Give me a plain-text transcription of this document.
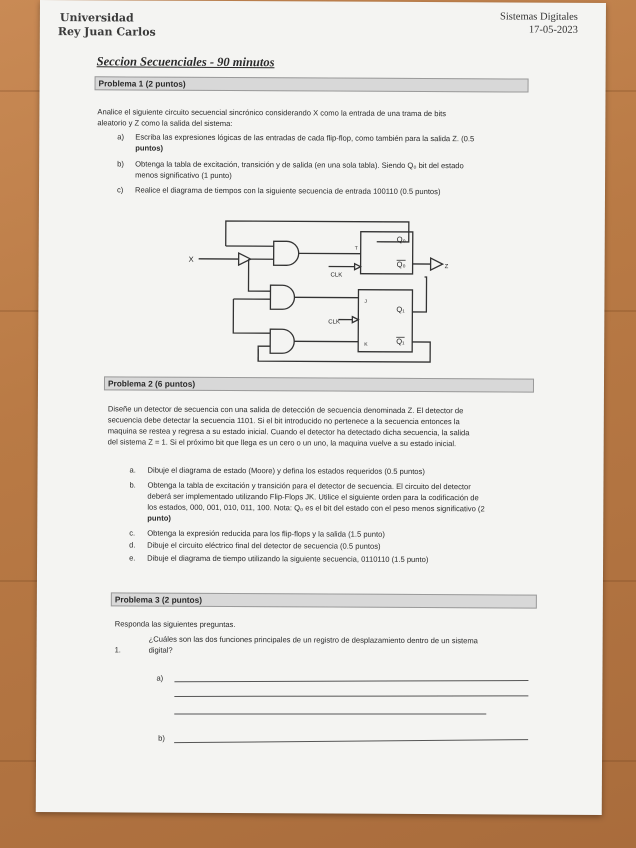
Universidad
Rey Juan Carlos
Sistemas Digitales
17-05-2023
Seccion Secuenciales - 90 minutos
Problema 1 (2 puntos)
Analice el siguiente circuito secuencial sincrónico considerando X como la entrada de una trama de bits
aleatorio y Z como la salida del sistema:
a) Escriba las expresiones lógicas de las entradas de cada flip-flop, como también para la salida Z. (0.5
puntos)
b) Obtenga la tabla de excitación, transición y de salida (en una sola tabla). Siendo Q₀ bit del estado
menos significativo (1 punto)
c) Realice el diagrama de tiempos con la siguiente secuencia de entrada 100110 (0.5 puntos)
X
CLK
CLK
T
Q₀
Q₀
J
K
Q₁
Q₁
Z
Problema 2 (6 puntos)
Diseñe un detector de secuencia con una salida de detección de secuencia denominada Z. El detector de
secuencia debe detectar la secuencia 1101. Si el bit introducido no pertenece a la secuencia entonces la
maquina se restea y regresa a su estado inicial. Cuando el detector ha detectado dicha secuencia, la salida
del sistema Z = 1. Si el próximo bit que llega es un cero o un uno, la maquina vuelve a su estado inicial.
a. Dibuje el diagrama de estado (Moore) y defina los estados requeridos (0.5 puntos)
b. Obtenga la tabla de excitación y transición para el detector de secuencia. El circuito del detector
deberá ser implementado utilizando Flip-Flops JK. Utilice el siguiente orden para la codificación de
los estados, 000, 001, 010, 011, 100. Nota: Q₀ es el bit del estado con el peso menos significativo (2
punto)
c. Obtenga la expresión reducida para los flip-flops y la salida (1.5 punto)
d. Dibuje el circuito eléctrico final del detector de secuencia (0.5 puntos)
e. Dibuje el diagrama de tiempo utilizando la siguiente secuencia, 0110110 (1.5 punto)
Problema 3 (2 puntos)
Responda las siguientes preguntas.
1.
¿Cuáles son las dos funciones principales de un registro de desplazamiento dentro de un sistema
digital?
a)
b)
